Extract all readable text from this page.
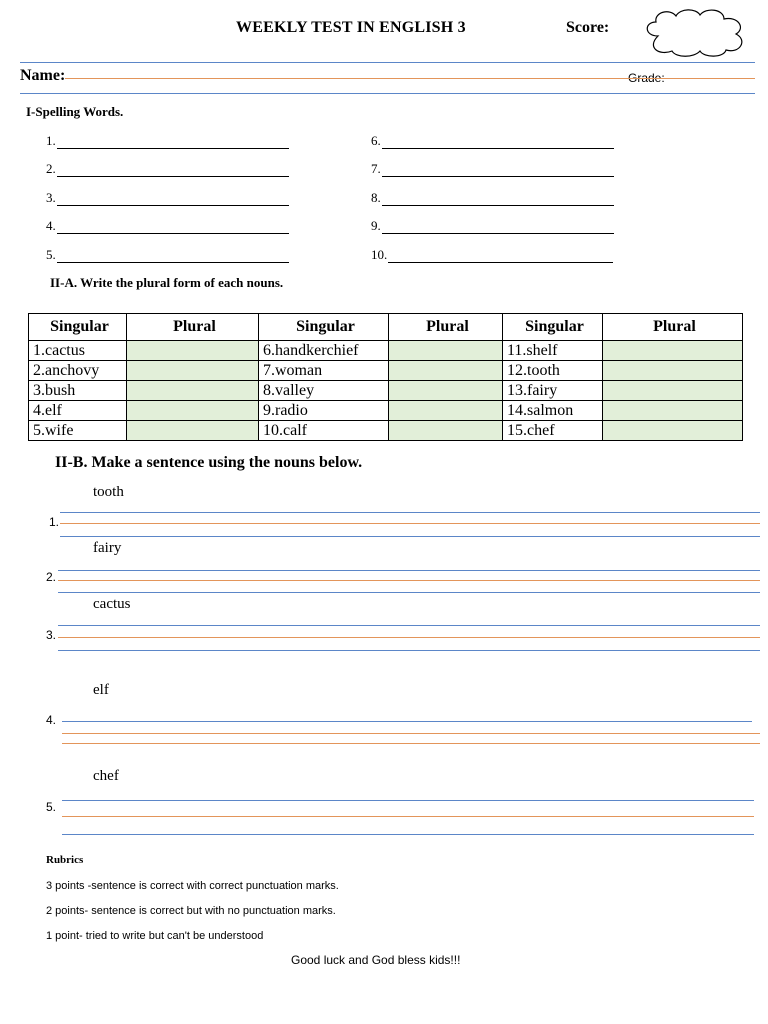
WEEKLY TEST IN ENGLISH 3	Score:
Name:	Grade:
I-Spelling Words.
1.
2.
3.
4.
5.
6.
7.
8.
9.
10.
II-A. Write the plural form of each nouns.
Singular	Plural	Singular	Plural	Singular	Plural
1.cactus		6.handkerchief		11.shelf	
2.anchovy		7.woman		12.tooth	
3.bush		8.valley		13.fairy	
4.elf		9.radio		14.salmon	
5.wife		10.calf		15.chef	
II-B. Make a sentence using the nouns below.
tooth
1.
fairy
2.
cactus
3.
elf
4.
chef
5.
Rubrics
3 points -sentence is correct with correct punctuation marks.
2 points- sentence is correct but with no punctuation marks.
1 point- tried to write but can't be understood
Good luck and God bless kids!!!
